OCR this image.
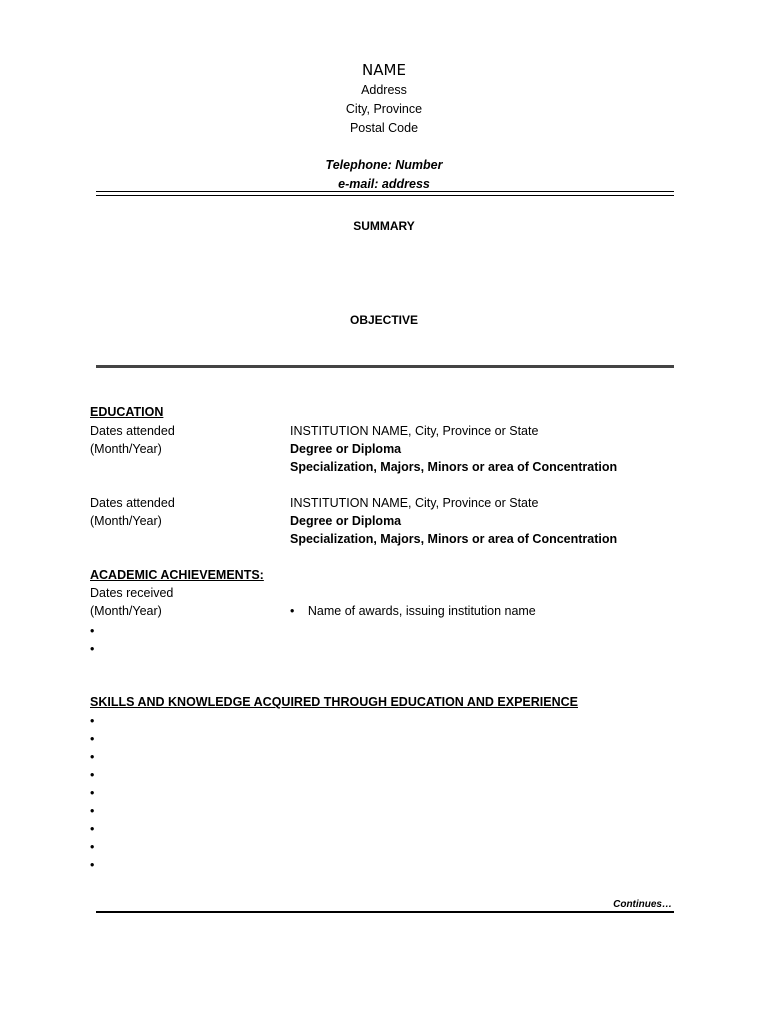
NAME
Address
City, Province
Postal Code
Telephone: Number
e-mail: address
SUMMARY
OBJECTIVE
EDUCATION
Dates attended
(Month/Year)
INSTITUTION NAME, City, Province or State
Degree or Diploma
Specialization, Majors, Minors or area of Concentration
Dates attended
(Month/Year)
INSTITUTION NAME, City, Province or State
Degree or Diploma
Specialization, Majors, Minors or area of Concentration
ACADEMIC ACHIEVEMENTS:
Dates received
(Month/Year)	• Name of awards, issuing institution name
•
•
SKILLS AND KNOWLEDGE ACQUIRED THROUGH EDUCATION AND EXPERIENCE
•
•
•
•
•
•
•
•
•
Continues…
